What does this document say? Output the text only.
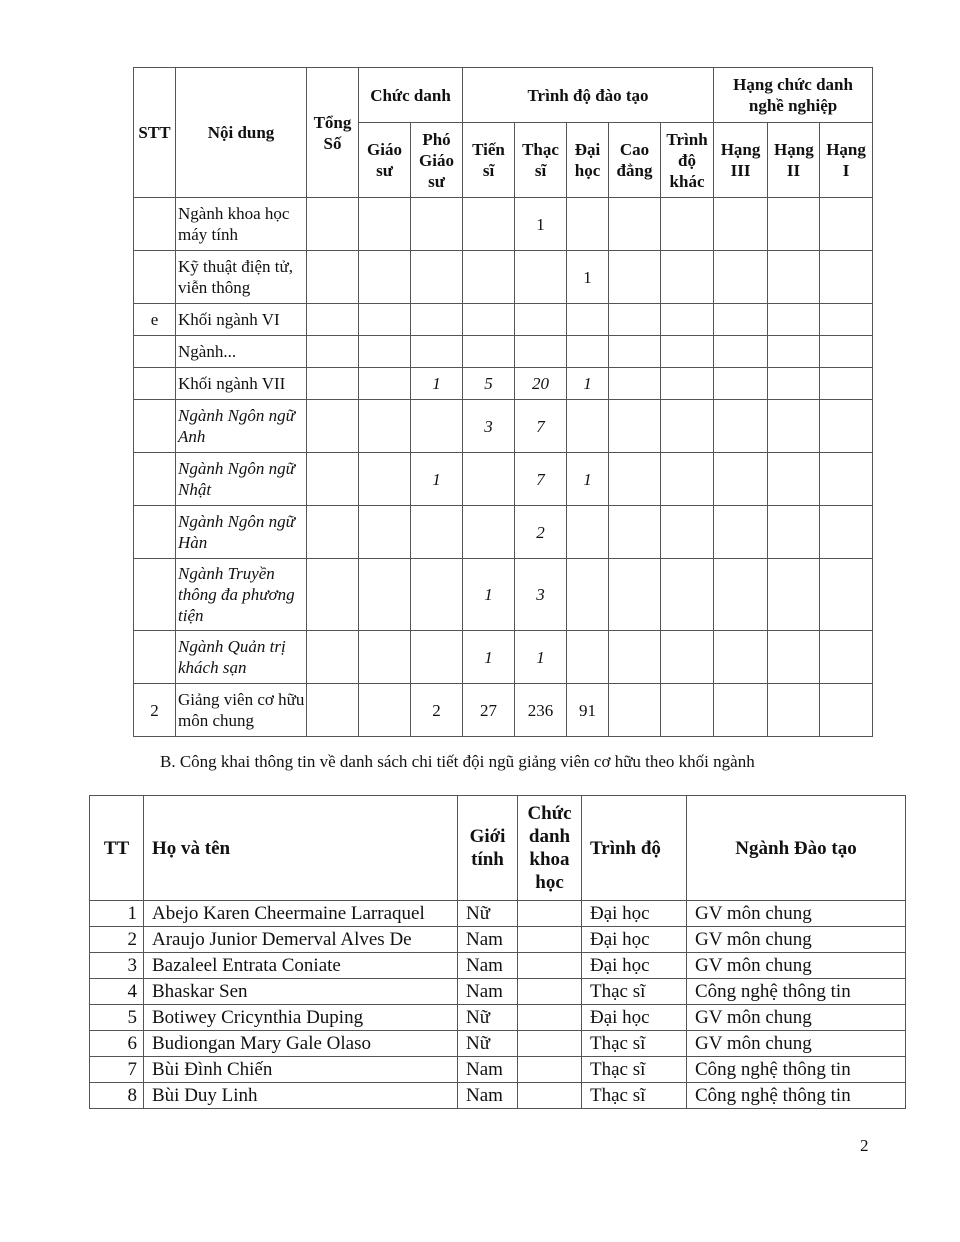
STT	Nội dung	Tổng Số	Chức danh		Trình độ đào tạo					Hạng chức danh nghề nghiệp		
			Giáo sư	Phó Giáo sư	Tiến sĩ	Thạc sĩ	Đại học	Cao đẳng	Trình độ khác	Hạng III	Hạng II	Hạng I
	Ngành khoa học máy tính					1						
	Kỹ thuật điện tử, viễn thông						1					
e	Khối ngành VI											
	Ngành...											
	Khối ngành VII			1	5	20	1					
	Ngành Ngôn ngữ Anh				3	7						
	Ngành Ngôn ngữ Nhật			1		7	1					
	Ngành Ngôn ngữ Hàn					2						
	Ngành Truyền thông đa phương tiện				1	3						
	Ngành Quản trị khách sạn				1	1						
2	Giảng viên cơ hữu môn chung			2	27	236	91					
B. Công khai thông tin về danh sách chi tiết đội ngũ giảng viên cơ hữu theo khối ngành
TT	Họ và tên	Giới tính	Chức danh khoa học	Trình độ	Ngành Đào tạo
1	Abejo Karen Cheermaine Larraquel	Nữ		Đại học	GV môn chung
2	Araujo Junior Demerval Alves De	Nam		Đại học	GV môn chung
3	Bazaleel Entrata Coniate	Nam		Đại học	GV môn chung
4	Bhaskar Sen	Nam		Thạc sĩ	Công nghệ thông tin
5	Botiwey Cricynthia Duping	Nữ		Đại học	GV môn chung
6	Budiongan Mary Gale Olaso	Nữ		Thạc sĩ	GV môn chung
7	Bùi Đình Chiến	Nam		Thạc sĩ	Công nghệ thông tin
8	Bùi Duy Linh	Nam		Thạc sĩ	Công nghệ thông tin
2
